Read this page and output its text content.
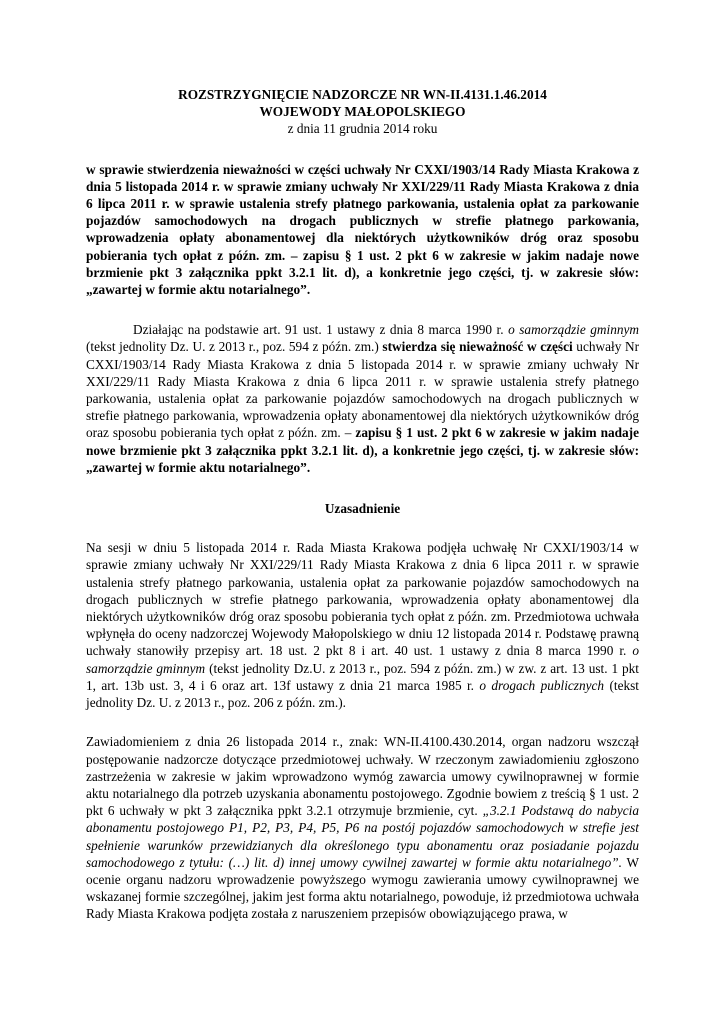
ROZSTRZYGNIĘCIE NADZORCZE NR WN-II.4131.1.46.2014

WOJEWODY MAŁOPOLSKIEGO

z dnia 11 grudnia 2014 roku

w sprawie stwierdzenia nieważności w części uchwały Nr CXXI/1903/14 Rady Miasta Krakowa z dnia 5 listopada 2014 r. w sprawie zmiany uchwały Nr XXI/229/11 Rady Miasta Krakowa z dnia 6 lipca 2011 r. w sprawie ustalenia strefy płatnego parkowania, ustalenia opłat za parkowanie pojazdów samochodowych na drogach publicznych w strefie płatnego parkowania, wprowadzenia opłaty abonamentowej dla niektórych użytkowników dróg oraz sposobu pobierania tych opłat z późn. zm. – zapisu § 1 ust. 2 pkt 6 w zakresie w jakim nadaje nowe brzmienie pkt 3 załącznika ppkt 3.2.1 lit. d), a konkretnie jego części, tj. w zakresie słów: „zawartej w formie aktu notarialnego”.

Działając na podstawie art. 91 ust. 1 ustawy z dnia 8 marca 1990 r. o samorządzie gminnym (tekst jednolity Dz. U. z 2013 r., poz. 594 z późn. zm.) stwierdza się nieważność w części uchwały Nr CXXI/1903/14 Rady Miasta Krakowa z dnia 5 listopada 2014 r. w sprawie zmiany uchwały Nr XXI/229/11 Rady Miasta Krakowa z dnia 6 lipca 2011 r. w sprawie ustalenia strefy płatnego parkowania, ustalenia opłat za parkowanie pojazdów samochodowych na drogach publicznych w strefie płatnego parkowania, wprowadzenia opłaty abonamentowej dla niektórych użytkowników dróg oraz sposobu pobierania tych opłat z późn. zm. – zapisu § 1 ust. 2 pkt 6 w zakresie w jakim nadaje nowe brzmienie pkt 3 załącznika ppkt 3.2.1 lit. d), a konkretnie jego części, tj. w zakresie słów: „zawartej w formie aktu notarialnego”.

Uzasadnienie

Na sesji w dniu 5 listopada 2014 r. Rada Miasta Krakowa podjęła uchwałę Nr CXXI/1903/14 w sprawie zmiany uchwały Nr XXI/229/11 Rady Miasta Krakowa z dnia 6 lipca 2011 r. w sprawie ustalenia strefy płatnego parkowania, ustalenia opłat za parkowanie pojazdów samochodowych na drogach publicznych w strefie płatnego parkowania, wprowadzenia opłaty abonamentowej dla niektórych użytkowników dróg oraz sposobu pobierania tych opłat z późn. zm. Przedmiotowa uchwała wpłynęła do oceny nadzorczej Wojewody Małopolskiego w dniu 12 listopada 2014 r. Podstawę prawną uchwały stanowiły przepisy art. 18 ust. 2 pkt 8 i art. 40 ust. 1 ustawy z dnia 8 marca 1990 r. o samorządzie gminnym (tekst jednolity Dz.U. z 2013 r., poz. 594 z późn. zm.) w zw. z art. 13 ust. 1 pkt 1, art. 13b ust. 3, 4 i 6 oraz art. 13f ustawy z dnia 21 marca 1985 r. o drogach publicznych (tekst jednolity Dz. U. z 2013 r., poz. 206 z późn. zm.).

Zawiadomieniem z dnia 26 listopada 2014 r., znak: WN-II.4100.430.2014, organ nadzoru wszczął postępowanie nadzorcze dotyczące przedmiotowej uchwały. W rzeczonym zawiadomieniu zgłoszono zastrzeżenia w zakresie w jakim wprowadzono wymóg zawarcia umowy cywilnoprawnej w formie aktu notarialnego dla potrzeb uzyskania abonamentu postojowego. Zgodnie bowiem z treścią § 1 ust. 2 pkt 6 uchwały w pkt 3 załącznika ppkt 3.2.1 otrzymuje brzmienie, cyt. „3.2.1 Podstawą do nabycia abonamentu postojowego P1, P2, P3, P4, P5, P6 na postój pojazdów samochodowych w strefie jest spełnienie warunków przewidzianych dla określonego typu abonamentu oraz posiadanie pojazdu samochodowego z tytułu: (…) lit. d) innej umowy cywilnej zawartej w formie aktu notarialnego”. W ocenie organu nadzoru wprowadzenie powyższego wymogu zawierania umowy cywilnoprawnej we wskazanej formie szczególnej, jakim jest forma aktu notarialnego, powoduje, iż przedmiotowa uchwała Rady Miasta Krakowa podjęta została z naruszeniem przepisów obowiązującego prawa, w
